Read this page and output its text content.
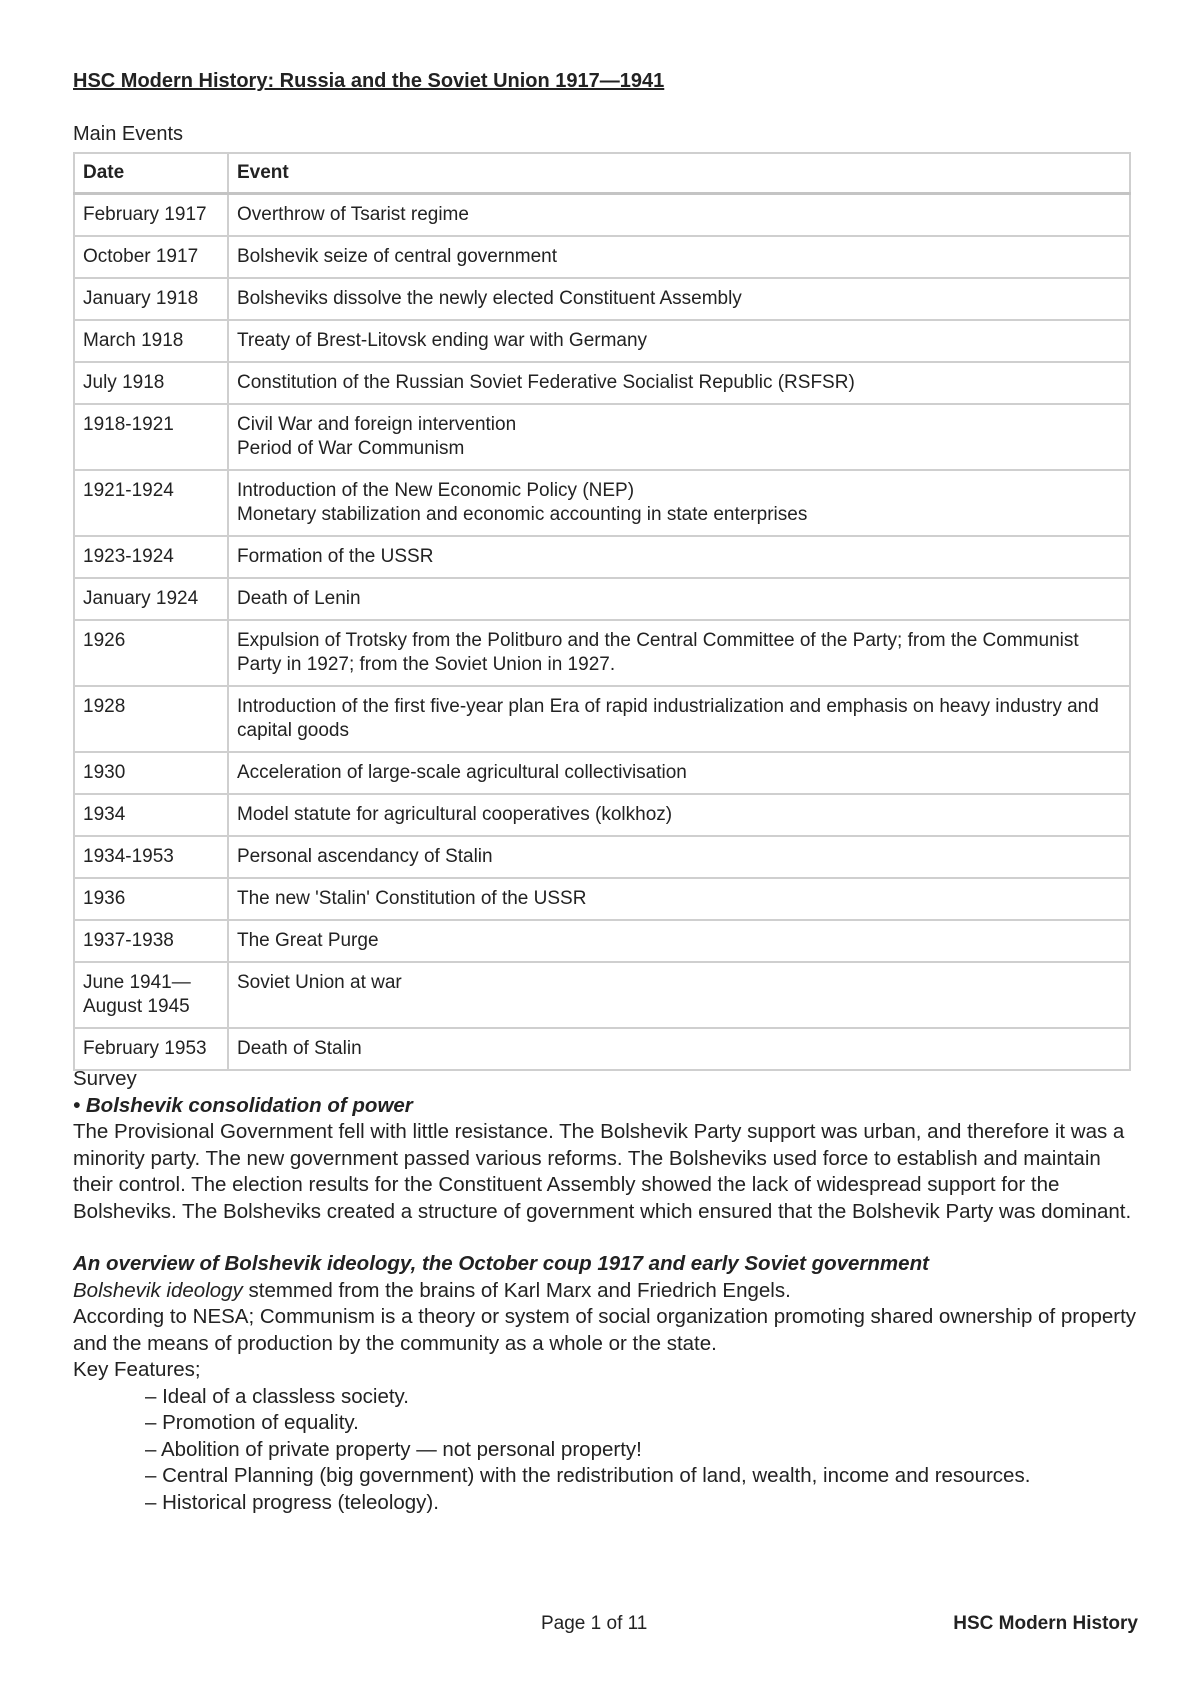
HSC Modern History: Russia and the Soviet Union 1917—1941
Main Events
Date	Event
February 1917	Overthrow of Tsarist regime

October 1917	Bolshevik seize of central government

January 1918	Bolsheviks dissolve the newly elected Constituent Assembly

March 1918	Treaty of Brest-Litovsk ending war with Germany

July 1918	Constitution of the Russian Soviet Federative Socialist Republic (RSFSR)

1918-1921	Civil War and foreign intervention
Period of War Communism

1921-1924	Introduction of the New Economic Policy (NEP)
Monetary stabilization and economic accounting in state enterprises

1923-1924	Formation of the USSR

January 1924	Death of Lenin

1926	Expulsion of Trotsky from the Politburo and the Central Committee of the Party; from the Communist Party in 1927; from the Soviet Union in 1927.

1928	Introduction of the first five-year plan Era of rapid industrialization and emphasis on heavy industry and capital goods

1930	Acceleration of large-scale agricultural collectivisation

1934	Model statute for agricultural cooperatives (kolkhoz)

1934-1953	Personal ascendancy of Stalin

1936	The new 'Stalin' Constitution of the USSR

1937-1938	The Great Purge

June 1941— August 1945	Soviet Union at war

February 1953	Death of Stalin

Survey

• Bolshevik consolidation of power

The Provisional Government fell with little resistance. The Bolshevik Party support was urban, and therefore it was a minority party. The new government passed various reforms. The Bolsheviks used force to establish and maintain their control. The election results for the Constituent Assembly showed the lack of widespread support for the Bolsheviks. The Bolsheviks created a structure of government which ensured that the Bolshevik Party was dominant.

An overview of Bolshevik ideology, the October coup 1917 and early Soviet government

Bolshevik ideology stemmed from the brains of Karl Marx and Friedrich Engels.

According to NESA; Communism is a theory or system of social organization promoting shared ownership of property and the means of production by the community as a whole or the state.

Key Features;

– Ideal of a classless society.

– Promotion of equality.

– Abolition of private property — not personal property!

– Central Planning (big government) with the redistribution of land, wealth, income and resources.

– Historical progress (teleology).

Page 1 of 11	HSC Modern History
